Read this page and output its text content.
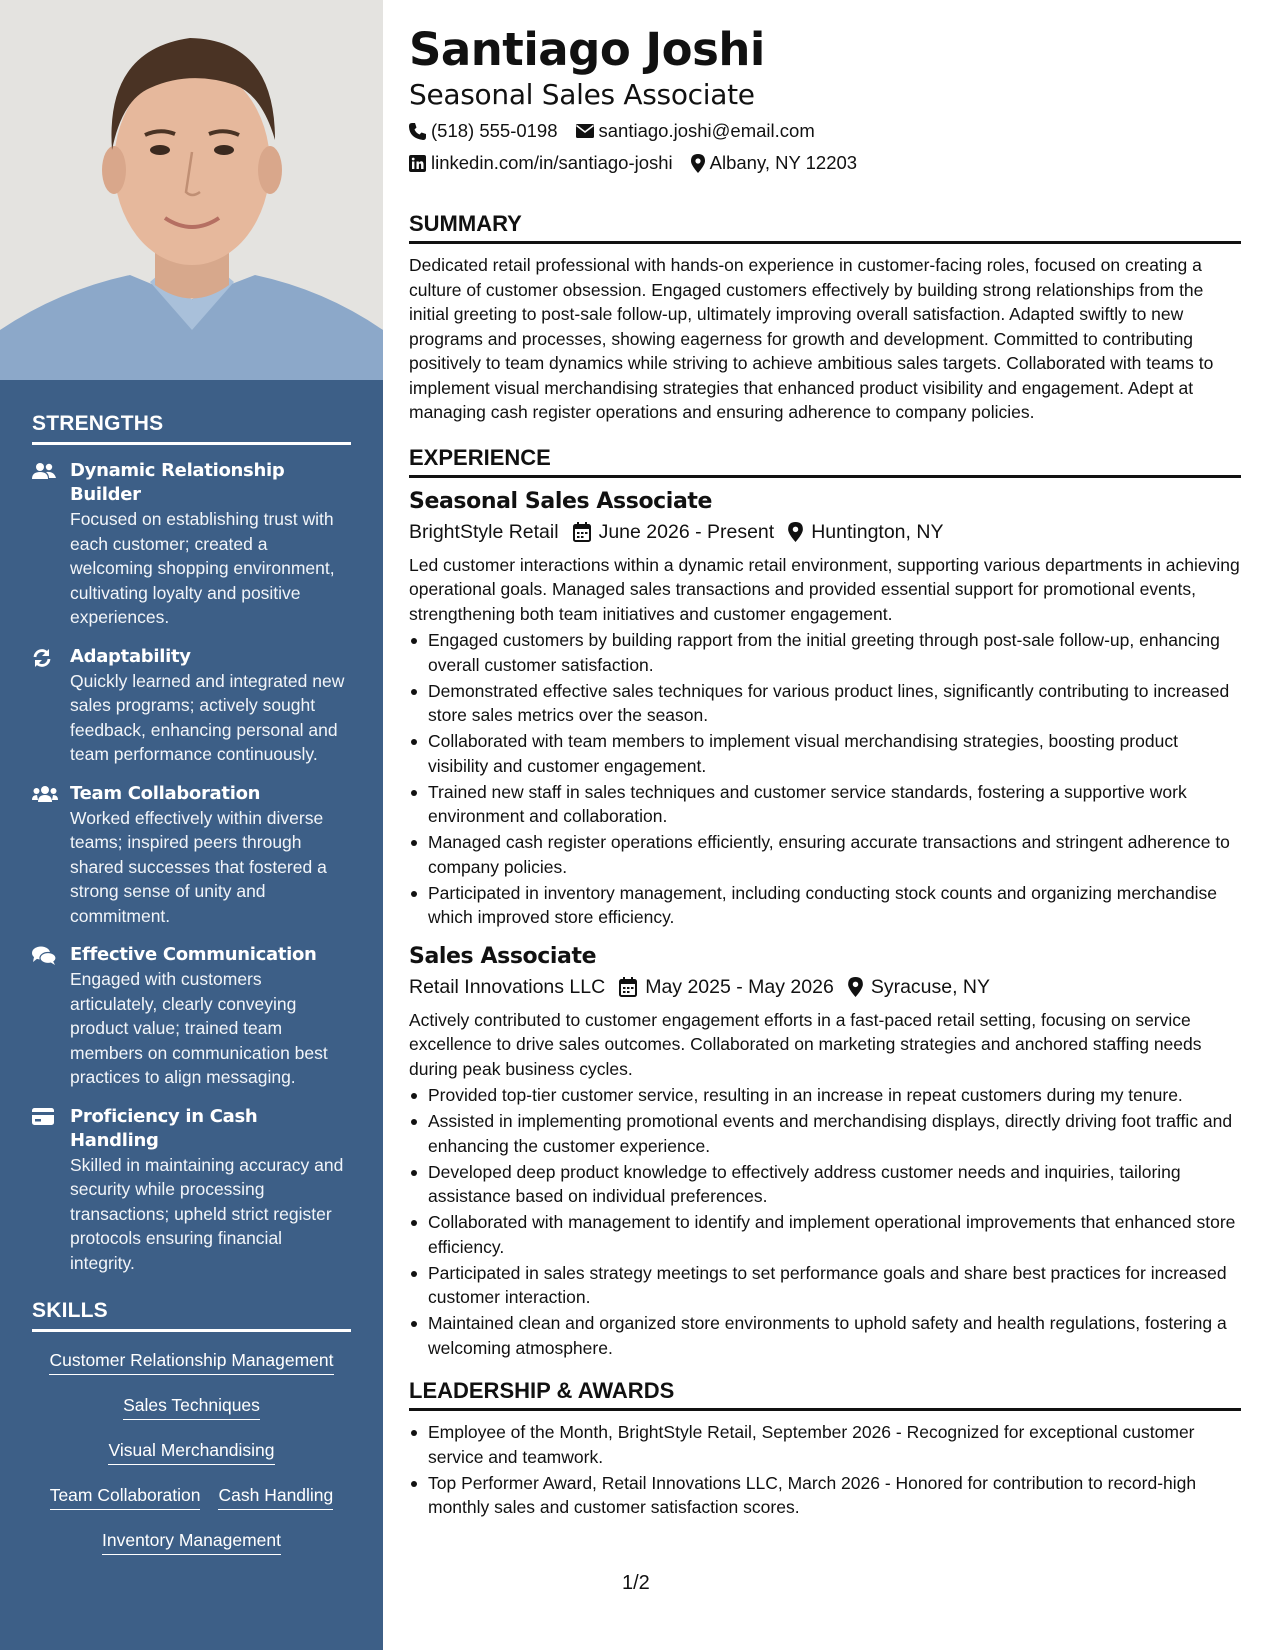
STRENGTHS
Dynamic Relationship Builder
Focused on establishing trust with each customer; created a welcoming shopping environment, cultivating loyalty and positive experiences.
Adaptability
Quickly learned and integrated new sales programs; actively sought feedback, enhancing personal and team performance continuously.
Team Collaboration
Worked effectively within diverse teams; inspired peers through shared successes that fostered a strong sense of unity and commitment.
Effective Communication
Engaged with customers articulately, clearly conveying product value; trained team members on communication best practices to align messaging.
Proficiency in Cash Handling
Skilled in maintaining accuracy and security while processing transactions; upheld strict register protocols ensuring financial integrity.
SKILLS
Customer Relationship Management
Sales Techniques
Visual Merchandising
Team Collaboration Cash Handling
Inventory Management
Santiago Joshi
Seasonal Sales Associate
(518) 555-0198 santiago.joshi@email.com
linkedin.com/in/santiago-joshi Albany, NY 12203
SUMMARY
Dedicated retail professional with hands-on experience in customer-facing roles, focused on creating a culture of customer obsession. Engaged customers effectively by building strong relationships from the initial greeting to post-sale follow-up, ultimately improving overall satisfaction. Adapted swiftly to new programs and processes, showing eagerness for growth and development. Committed to contributing positively to team dynamics while striving to achieve ambitious sales targets. Collaborated with teams to implement visual merchandising strategies that enhanced product visibility and engagement. Adept at managing cash register operations and ensuring adherence to company policies.
EXPERIENCE
Seasonal Sales Associate
BrightStyle Retail June 2026 - Present Huntington, NY
Led customer interactions within a dynamic retail environment, supporting various departments in achieving operational goals. Managed sales transactions and provided essential support for promotional events, strengthening both team initiatives and customer engagement.
Engaged customers by building rapport from the initial greeting through post-sale follow-up, enhancing overall customer satisfaction.
Demonstrated effective sales techniques for various product lines, significantly contributing to increased store sales metrics over the season.
Collaborated with team members to implement visual merchandising strategies, boosting product visibility and customer engagement.
Trained new staff in sales techniques and customer service standards, fostering a supportive work environment and collaboration.
Managed cash register operations efficiently, ensuring accurate transactions and stringent adherence to company policies.
Participated in inventory management, including conducting stock counts and organizing merchandise which improved store efficiency.
Sales Associate
Retail Innovations LLC May 2025 - May 2026 Syracuse, NY
Actively contributed to customer engagement efforts in a fast-paced retail setting, focusing on service excellence to drive sales outcomes. Collaborated on marketing strategies and anchored staffing needs during peak business cycles.
Provided top-tier customer service, resulting in an increase in repeat customers during my tenure.
Assisted in implementing promotional events and merchandising displays, directly driving foot traffic and enhancing the customer experience.
Developed deep product knowledge to effectively address customer needs and inquiries, tailoring assistance based on individual preferences.
Collaborated with management to identify and implement operational improvements that enhanced store efficiency.
Participated in sales strategy meetings to set performance goals and share best practices for increased customer interaction.
Maintained clean and organized store environments to uphold safety and health regulations, fostering a welcoming atmosphere.
LEADERSHIP & AWARDS
Employee of the Month, BrightStyle Retail, September 2026 - Recognized for exceptional customer service and teamwork.
Top Performer Award, Retail Innovations LLC, March 2026 - Honored for contribution to record-high monthly sales and customer satisfaction scores.
1/2
